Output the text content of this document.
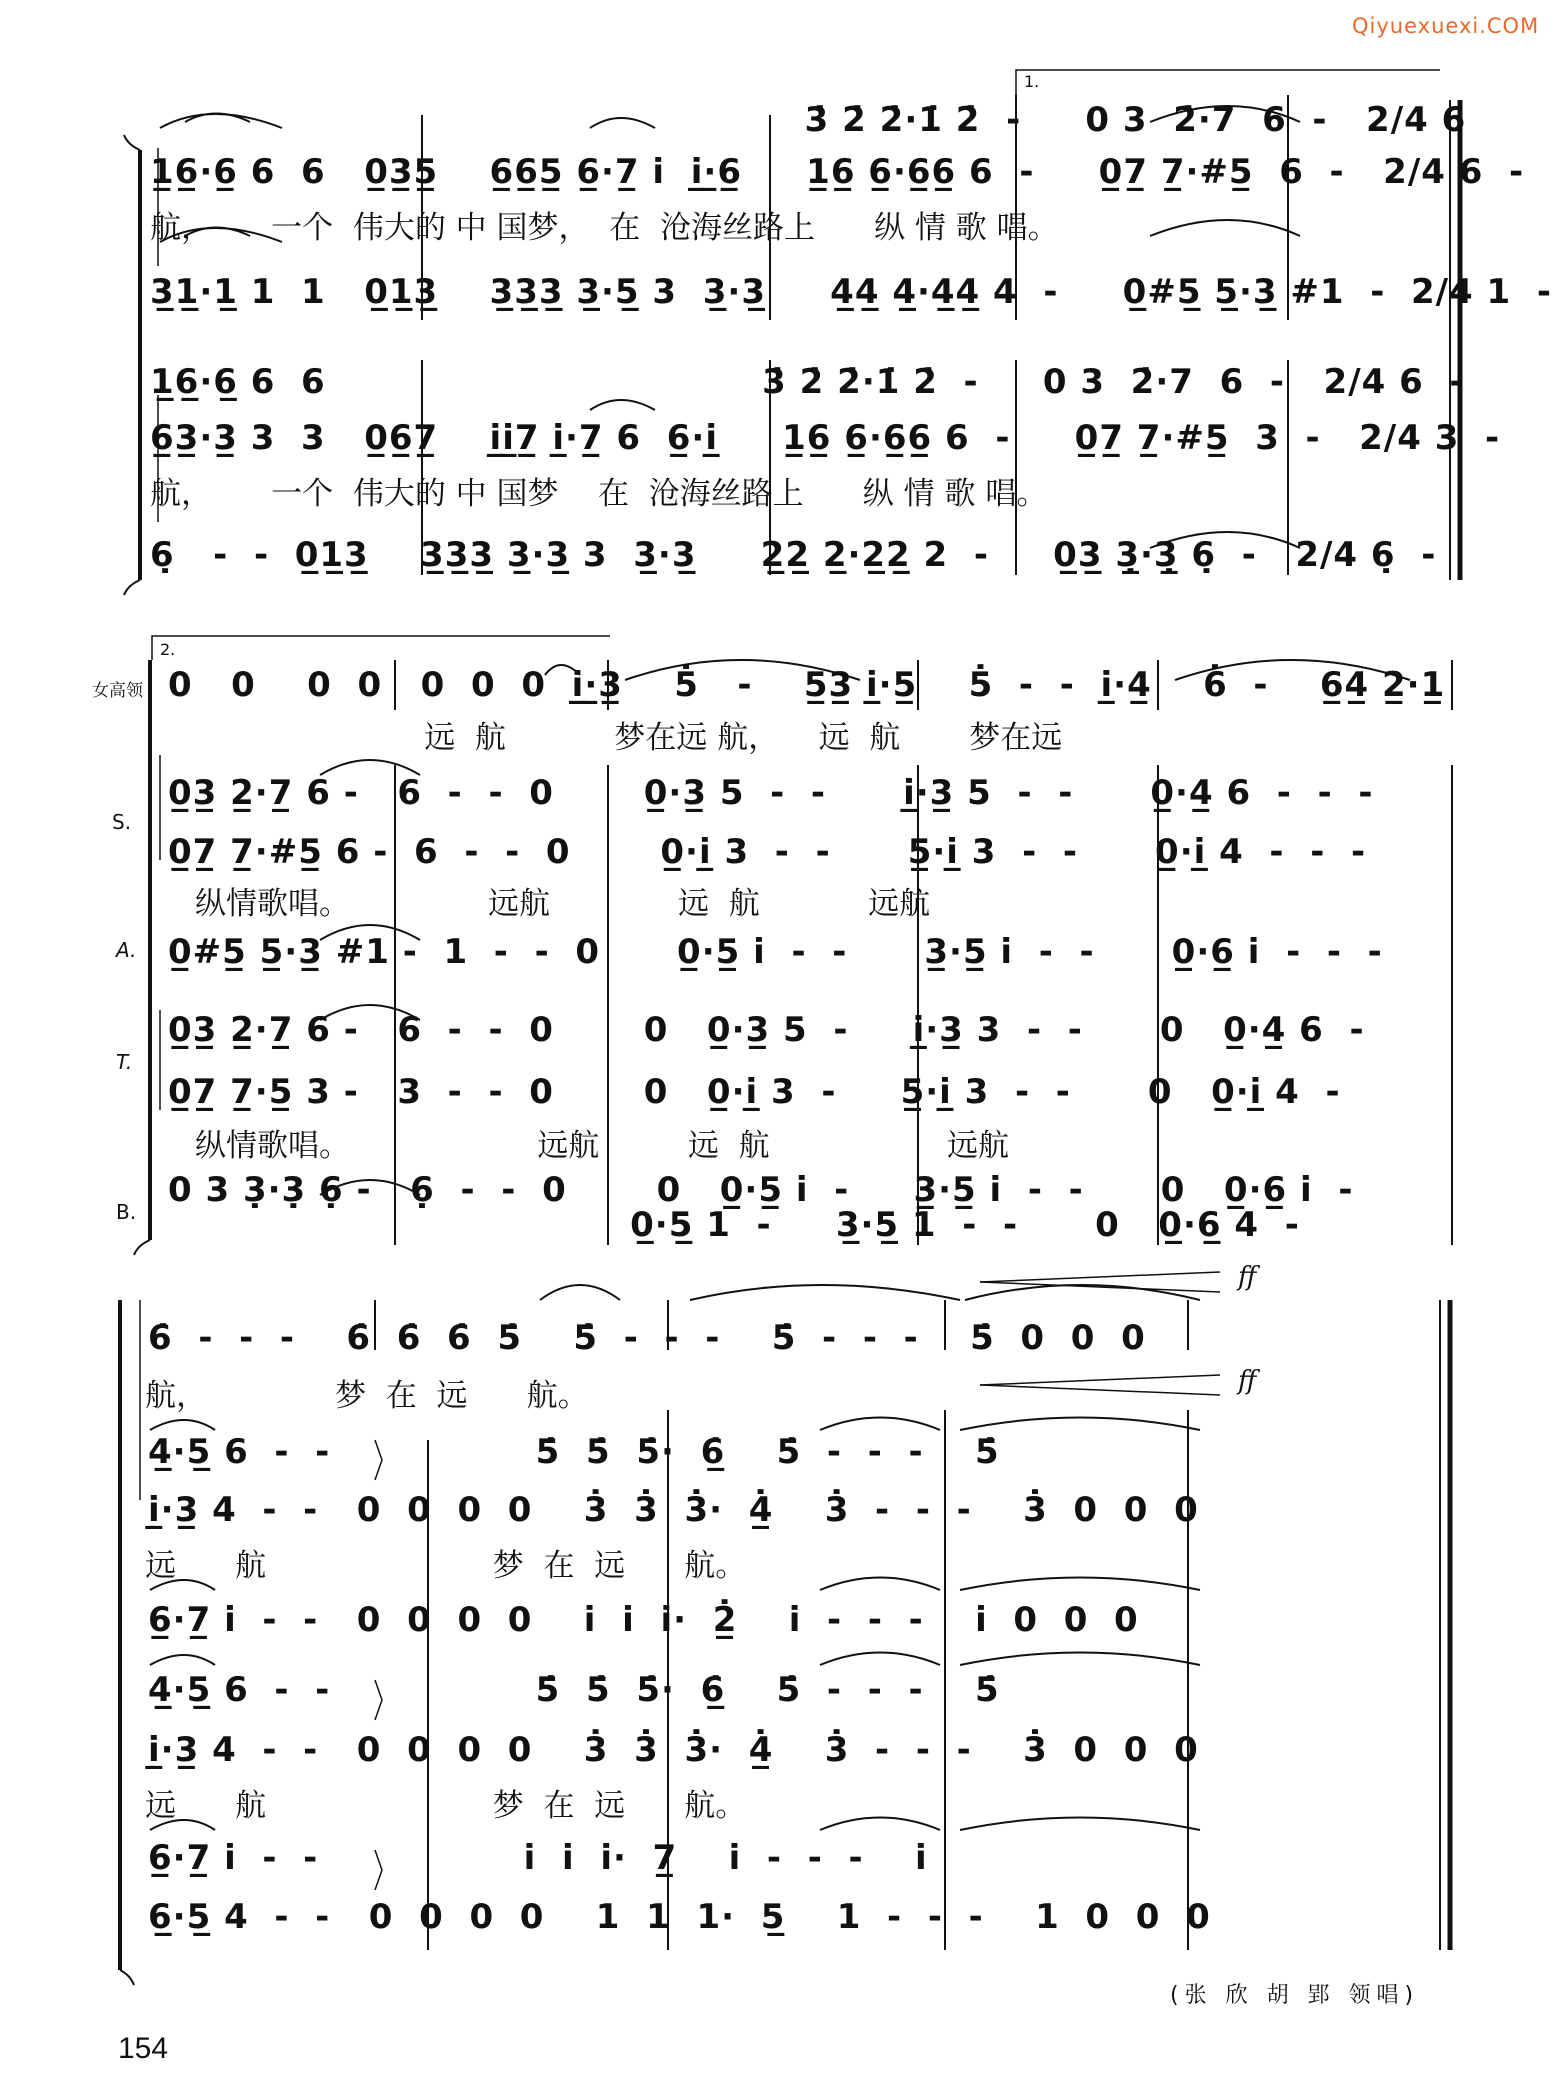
Qiyuexuexi.COM
1.
3̇ 2̇ 2̇·1̇ 2̇  -     0 3  2̇·7  6  -   2/4 6
1̲6̲·6̲ 6  6   0̲3̲5̲    6̲6̲5̲ 6̲·7̲ i  i̲·̲6̲     1̲6̲ 6̲·6̲6̲ 6  -     0̲7̲ 7̲·#5̲  6  -   2/4 6  -
航，      一个  伟大的 中 国梦，  在  沧海丝路上      纵 情 歌 唱。
3̲1̲·1̲ 1  1   0̲1̲3̲    3̲3̲3̲ 3̲·5̲ 3  3̲·3̲     4̲4̲ 4̲·4̲4̲ 4  -     0̲#5̲ 5̲·3̲ #1  -  2/4 1  -
1̲6̲·6̲ 6  6                                  3̇ 2̇ 2̇·1̇ 2̇  -     0 3  2̇·7  6  -   2/4 6  -
6̲3̲·3̲ 3  3   0̲6̲7̲    i̲i̲7̲ i̲·7̲ 6  6̲·i̲     1̲6̲ 6̲·6̲6̲ 6  -     0̲7̲ 7̲·#5̲  3  -   2/4 3  -
航，      一个  伟大的 中 国梦    在  沧海丝路上      纵 情 歌 唱。
6̣   -  -  0̲1̲3̲    3̲3̲3̲ 3̲·3̲ 3  3̲·3̲     2̲2̲ 2̲·2̲2̲ 2  -     0̲3̲ 3̣̲·3̣̲ 6̣  -   2/4 6̣  -
2.
女高领
S.
A.
T.
B.
0   0    0  0   0  0  0  i̲·̲3̲    5̇   -    5̲3̲ i̲·5̲    5̇  -  -  i̲·4̲    6̇  -    6̲4̲ 2̲·1̲
远  航           梦在远 航，    远  航       梦在远
0̲3̲ 2̲·7̲ 6 -   6  -  -  0       0̲·3̲ 5  -  -      i̲·3̲ 5  -  -      0̲·4̲ 6  -  -  -
0̲7̲ 7̲·#5̲ 6 -  6  -  -  0       0̲·i̲ 3  -  -      5̲·i̲ 3  -  -      0̲·i̲ 4  -  -  -
纵情歌唱。              远航             远  航           远航
0̲#5̲ 5̲·3̲ #1 -  1  -  -  0      0̲·5̲ i  -  -      3̲·5̲ i  -  -      0̲·6̲ i  -  -  -
0̲3̲ 2̲·7̲ 6 -   6  -  -  0       0   0̲·3̲ 5  -     i̲·3̲ 3  -  -      0   0̲·4̲ 6  -
0̲7̲ 7̲·5̲ 3 -   3  -  -  0       0   0̲·i̲ 3  -     5̲·i̲ 3  -  -      0   0̲·i̲ 4  -
纵情歌唱。                   远航         远  航                  远航
0 3 3̣·3̣ 6̣ -   6̣  -  -  0       0   0̲·5̲ i  -     3̲·5̲ i  -  -      0   0̲·6̲ i  -
0̲·5̲ 1  -     3̲·5̲ 1  -  -      0   0̲·6̲ 4  -
ff
ff
6̇  -  -  -    6̇  6̇  6̇  5̇    5̇  -  -  -    5̇  -  -  -    5̇  0  0  0
航，             梦  在  远      航。
4̲·5̲ 6  -  -                5̇  5̇  5̇·  6̲̇    5̇  -  -  -    5̇
i̲·3̲ 4  -  -   0  0  0  0    3̇  3̇  3̇·  4̲̇    3̇  -  -  -    3̇  0  0  0
远      航                       梦  在  远      航。
6̲·7̲ i  -  -   0  0  0  0    i  i  i·  2̲̇    i  -  -  -    i  0  0  0
4̲·5̲ 6  -  -                5̇  5̇  5̇·  6̲̇    5̇  -  -  -    5̇
i̲·3̲ 4  -  -   0  0  0  0    3̇  3̇  3̇·  4̲̇    3̇  -  -  -    3̇  0  0  0
远      航                       梦  在  远      航。
6̲·7̲ i  -  -                i  i  i·  7̲    i  -  -  -    i
6̲·5̲ 4  -  -   0  0  0  0    1  1  1·  5̲    1  -  -  -    1  0  0  0
(张 欣 胡 郢 领唱)
154
